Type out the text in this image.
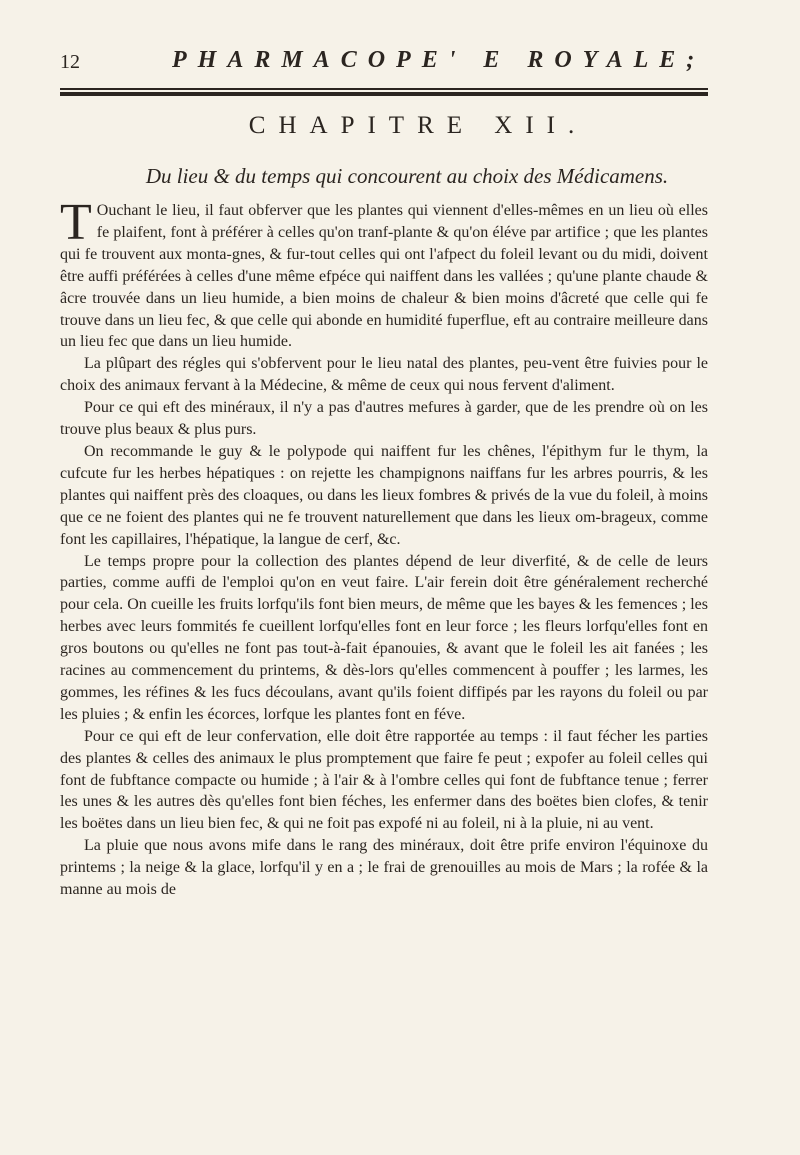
12	PHARMACOPE' E ROYALE;
CHAPITRE XII.
Du lieu & du temps qui concourent au choix des Médicamens.

T Ouchant le lieu, il faut obferver que les plantes qui viennent d'elles-mêmes en un lieu où elles fe plaifent, font à préférer à celles qu'on tranf-plante & qu'on éléve par artifice ; que les plantes qui fe trouvent aux monta-gnes, & fur-tout celles qui ont l'afpect du foleil levant ou du midi, doivent être auffi préférées à celles d'une même efpéce qui naiffent dans les vallées ; qu'une plante chaude & âcre trouvée dans un lieu humide, a bien moins de chaleur & bien moins d'âcreté que celle qui fe trouve dans un lieu fec, & que celle qui abonde en humidité fuperflue, eft au contraire meilleure dans un lieu fec que dans un lieu humide.

La plûpart des régles qui s'obfervent pour le lieu natal des plantes, peu-vent être fuivies pour le choix des animaux fervant à la Médecine, & même de ceux qui nous fervent d'aliment.

Pour ce qui eft des minéraux, il n'y a pas d'autres mefures à garder, que de les prendre où on les trouve plus beaux & plus purs.

On recommande le guy & le polypode qui naiffent fur les chênes, l'épithym fur le thym, la cufcute fur les herbes hépatiques : on rejette les champignons naiffans fur les arbres pourris, & les plantes qui naiffent près des cloaques, ou dans les lieux fombres & privés de la vue du foleil, à moins que ce ne foient des plantes qui ne fe trouvent naturellement que dans les lieux om-brageux, comme font les capillaires, l'hépatique, la langue de cerf, &c.

Le temps propre pour la collection des plantes dépend de leur diverfité, & de celle de leurs parties, comme auffi de l'emploi qu'on en veut faire. L'air ferein doit être généralement recherché pour cela. On cueille les fruits lorfqu'ils font bien meurs, de même que les bayes & les femences ; les herbes avec leurs fommités fe cueillent lorfqu'elles font en leur force ; les fleurs lorfqu'elles font en gros boutons ou qu'elles ne font pas tout-à-fait épanouies, & avant que le foleil les ait fanées ; les racines au commencement du printems, & dès-lors qu'elles commencent à pouffer ; les larmes, les gommes, les réfines & les fucs découlans, avant qu'ils foient diffipés par les rayons du foleil ou par les pluies ; & enfin les écorces, lorfque les plantes font en féve.

Pour ce qui eft de leur confervation, elle doit être rapportée au temps : il faut fécher les parties des plantes & celles des animaux le plus promptement que faire fe peut ; expofer au foleil celles qui font de fubftance compacte ou humide ; à l'air & à l'ombre celles qui font de fubftance tenue ; ferrer les unes & les autres dès qu'elles font bien féches, les enfermer dans des boëtes bien clofes, & tenir les boëtes dans un lieu bien fec, & qui ne foit pas expofé ni au foleil, ni à la pluie, ni au vent.

La pluie que nous avons mife dans le rang des minéraux, doit être prife environ l'équinoxe du printems ; la neige & la glace, lorfqu'il y en a ; le frai de grenouilles au mois de Mars ; la rofée & la manne au mois de
